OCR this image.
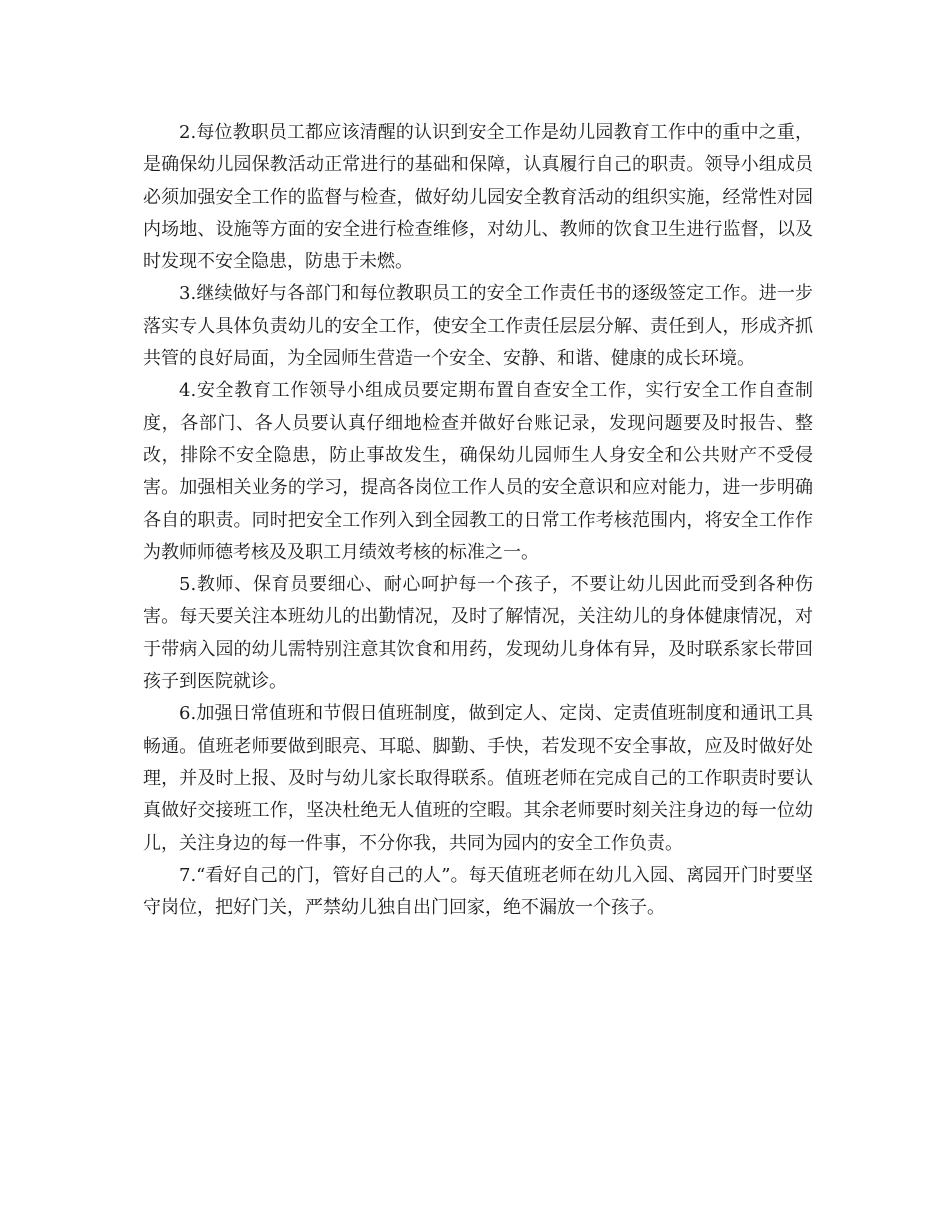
2.每位教职员工都应该清醒的认识到安全工作是幼儿园教育工作中的重中之重，是确保幼儿园保教活动正常进行的基础和保障，认真履行自己的职责。领导小组成员必须加强安全工作的监督与检查，做好幼儿园安全教育活动的组织实施，经常性对园内场地、设施等方面的安全进行检查维修，对幼儿、教师的饮食卫生进行监督，以及时发现不安全隐患，防患于未燃。

3.继续做好与各部门和每位教职员工的安全工作责任书的逐级签定工作。进一步落实专人具体负责幼儿的安全工作，使安全工作责任层层分解、责任到人，形成齐抓共管的良好局面，为全园师生营造一个安全、安静、和谐、健康的成长环境。

4.安全教育工作领导小组成员要定期布置自查安全工作，实行安全工作自查制度，各部门、各人员要认真仔细地检查并做好台账记录，发现问题要及时报告、整改，排除不安全隐患，防止事故发生，确保幼儿园师生人身安全和公共财产不受侵害。加强相关业务的学习，提高各岗位工作人员的安全意识和应对能力，进一步明确各自的职责。同时把安全工作列入到全园教工的日常工作考核范围内，将安全工作作为教师师德考核及及职工月绩效考核的标准之一。

5.教师、保育员要细心、耐心呵护每一个孩子，不要让幼儿因此而受到各种伤害。每天要关注本班幼儿的出勤情况，及时了解情况，关注幼儿的身体健康情况，对于带病入园的幼儿需特别注意其饮食和用药，发现幼儿身体有异，及时联系家长带回孩子到医院就诊。

6.加强日常值班和节假日值班制度，做到定人、定岗、定责值班制度和通讯工具畅通。值班老师要做到眼亮、耳聪、脚勤、手快，若发现不安全事故，应及时做好处理，并及时上报、及时与幼儿家长取得联系。值班老师在完成自己的工作职责时要认真做好交接班工作，坚决杜绝无人值班的空暇。其余老师要时刻关注身边的每一位幼儿，关注身边的每一件事，不分你我，共同为园内的安全工作负责。

7.“看好自己的门，管好自己的人”。每天值班老师在幼儿入园、离园开门时要坚守岗位，把好门关，严禁幼儿独自出门回家，绝不漏放一个孩子。
